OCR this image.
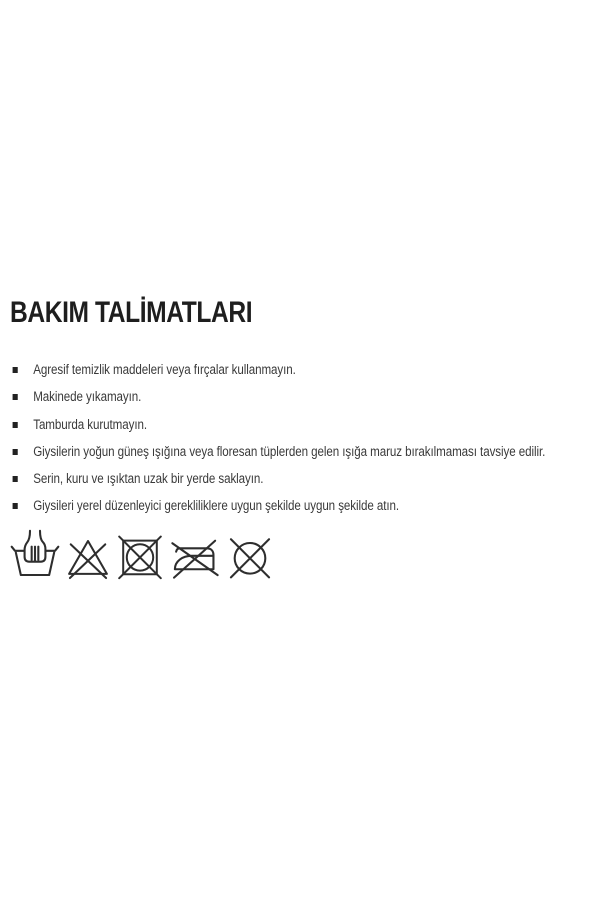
BAKIM TALİMATLARI
Agresif temizlik maddeleri veya fırçalar kullanmayın.
Makinede yıkamayın.
Tamburda kurutmayın.
Giysilerin yoğun güneş ışığına veya floresan tüplerden gelen ışığa maruz bırakılmaması tavsiye edilir.
Serin, kuru ve ışıktan uzak bir yerde saklayın.
Giysileri yerel düzenleyici gerekliliklere uygun şekilde uygun şekilde atın.
